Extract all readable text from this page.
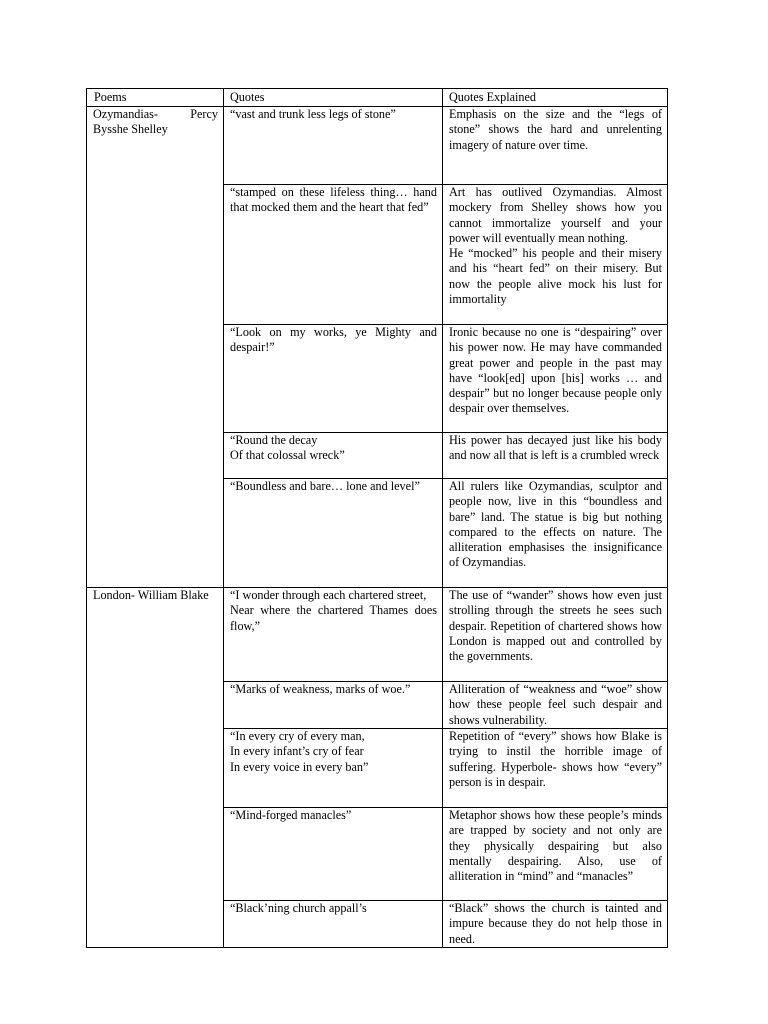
Poems	Quotes	Quotes Explained

Ozymandias- Percy Bysshe Shelley	“vast and trunk less legs of stone”	Emphasis on the size and the “legs of stone” shows the hard and unrelenting imagery of nature over time.

	“stamped on these lifeless thing… hand that mocked them and the heart that fed”	Art has outlived Ozymandias. Almost mockery from Shelley shows how you cannot immortalize yourself and your power will eventually mean nothing.
He “mocked” his people and their misery and his “heart fed” on their misery. But now the people alive mock his lust for immortality

	“Look on my works, ye Mighty and despair!”	Ironic because no one is “despairing” over his power now. He may have commanded great power and people in the past may have “look[ed] upon [his] works … and despair” but no longer because people only despair over themselves.

	“Round the decay
Of that colossal wreck”	His power has decayed just like his body and now all that is left is a crumbled wreck

	“Boundless and bare… lone and level”	All rulers like Ozymandias, sculptor and people now, live in this “boundless and bare” land. The statue is big but nothing compared to the effects on nature. The alliteration emphasises the insignificance of Ozymandias.

London- William Blake	“I wonder through each chartered street,
Near where the chartered Thames does flow,”	The use of “wander” shows how even just strolling through the streets he sees such despair. Repetition of chartered shows how London is mapped out and controlled by the governments.

	“Marks of weakness, marks of woe.”	Alliteration of “weakness and “woe” show how these people feel such despair and shows vulnerability.

	“In every cry of every man,
In every infant’s cry of fear
In every voice in every ban”	Repetition of “every” shows how Blake is trying to instil the horrible image of suffering. Hyperbole- shows how “every” person is in despair.

	“Mind-forged manacles”	Metaphor shows how these people’s minds are trapped by society and not only are they physically despairing but also mentally despairing. Also, use of alliteration in “mind” and “manacles”

	“Black’ning church appall’s	“Black” shows the church is tainted and impure because they do not help those in need.
